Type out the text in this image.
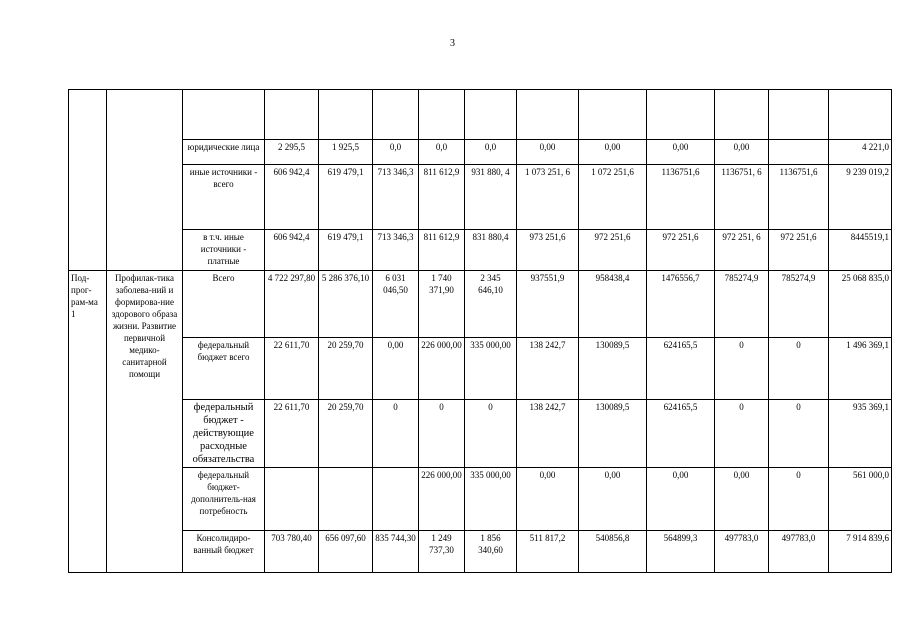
3

		юридические лица	2 295,5	1 925,5	0,0	0,0	0,0	0,00	0,00	0,00	0,00		4 221,0
		иные источники - всего	606 942,4	619 479,1	713 346,3	811 612,9	931 880, 4	1 073 251, 6	1 072 251,6	1136751,6	1136751, 6	1136751,6	9 239 019,2
		в т.ч. иные источники - платные	606 942,4	619 479,1	713 346,3	811 612,9	831 880,4	973 251,6	972 251,6	972 251,6	972 251, 6	972 251,6	8445519,1
Под-прог-рам-ма 1	Профилак-тика заболева-ний и формирова-ние здорового образа жизни. Развитие первичной медико-санитарной помощи	Всего	4 722 297,80	5 286 376,10	6 031 046,50	1 740 371,90	2 345 646,10	937551,9	958438,4	1476556,7	785274,9	785274,9	25 068 835,0
		федеральный бюджет всего	22 611,70	20 259,70	0,00	226 000,00	335 000,00	138 242,7	130089,5	624165,5	0	0	1 496 369,1
		федеральный бюджет - действующие расходные обязательства	22 611,70	20 259,70	0	0	0	138 242,7	130089,5	624165,5	0	0	935 369,1
		федеральный бюджет-дополнитель-ная потребность				226 000,00	335 000,00	0,00	0,00	0,00	0,00	0	561 000,0
		Консолидиро-ванный бюджет	703 780,40	656 097,60	835 744,30	1 249 737,30	1 856 340,60	511 817,2	540856,8	564899,3	497783,0	497783,0	7 914 839,6
